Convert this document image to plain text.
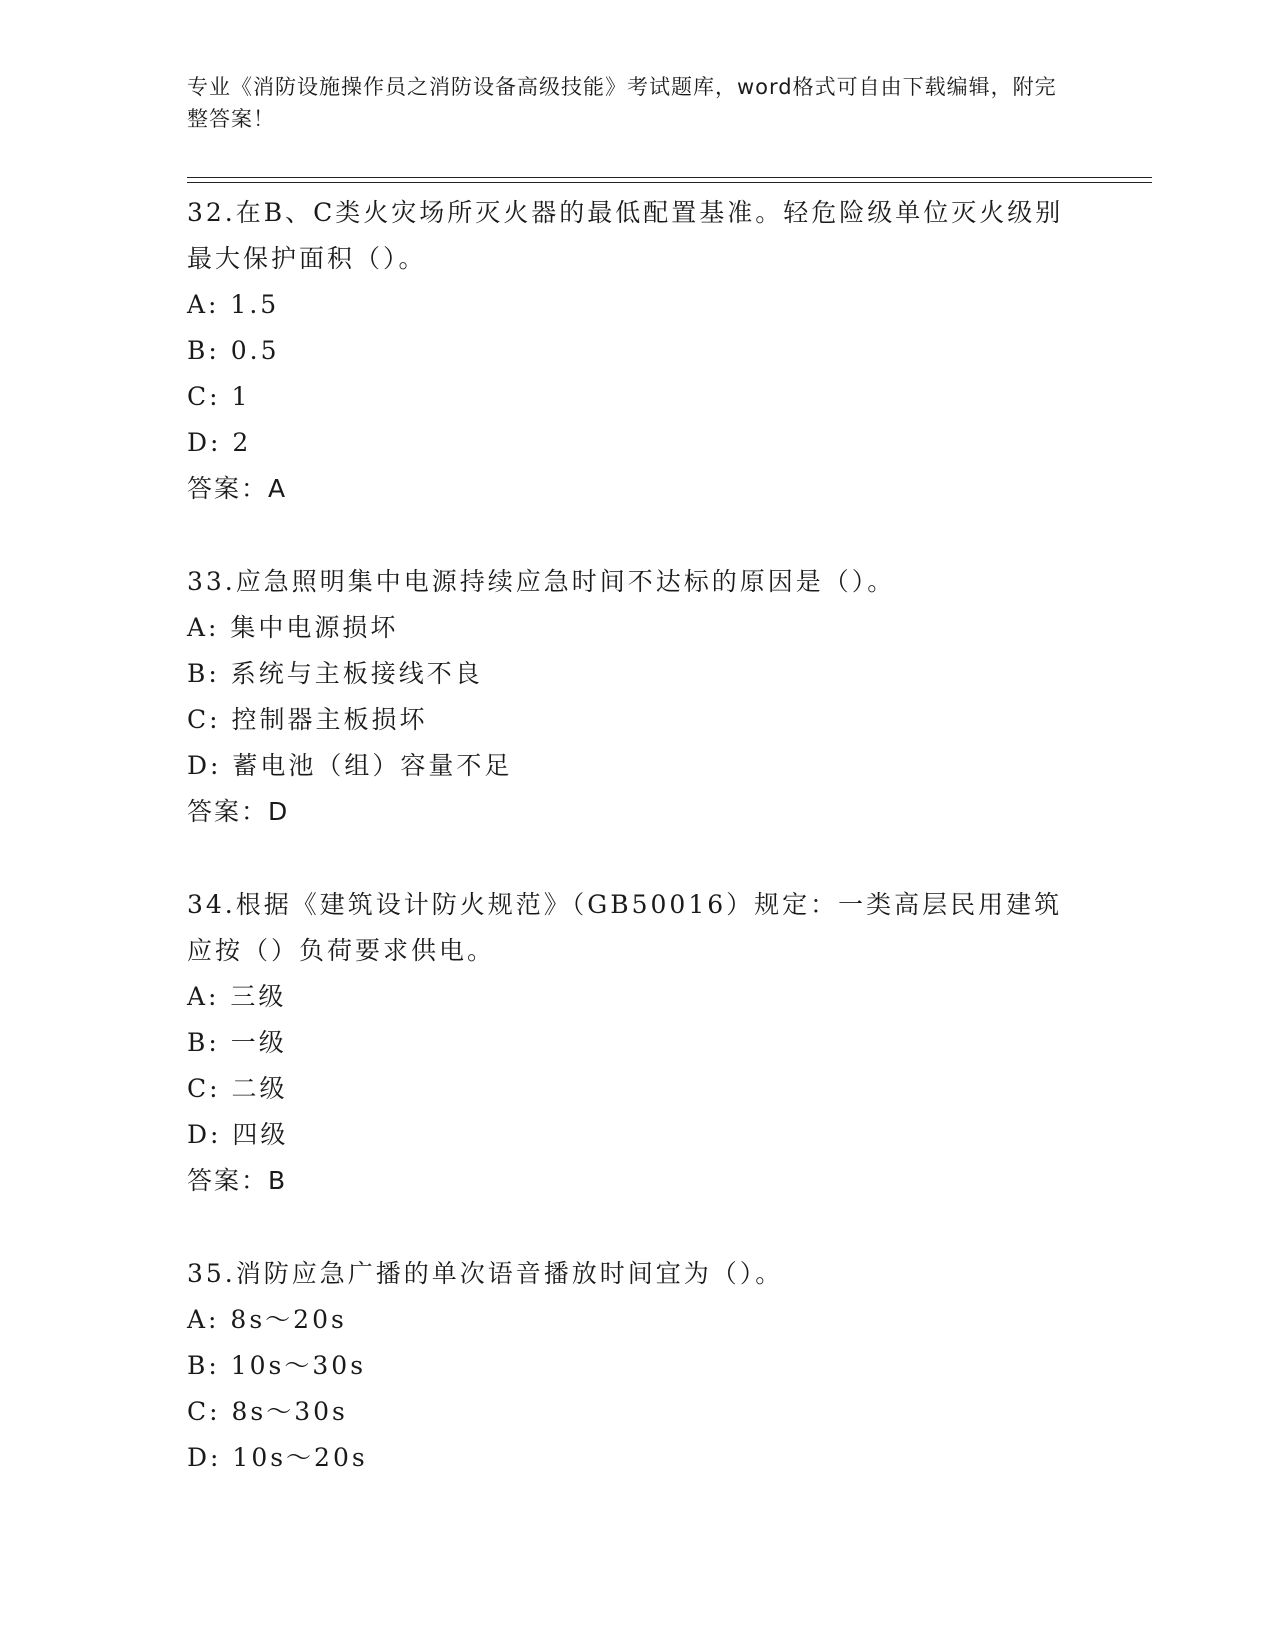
专业《消防设施操作员之消防设备高级技能》考试题库，word格式可自由下载编辑，附完整答案！
32.在B、C类火灾场所灭火器的最低配置基准。轻危险级单位灭火级别最大保护面积（）。
A: 1.5
B: 0.5
C: 1
D: 2
答案：A
33.应急照明集中电源持续应急时间不达标的原因是（）。
A: 集中电源损坏
B: 系统与主板接线不良
C: 控制器主板损坏
D: 蓄电池（组）容量不足
答案：D
34.根据《建筑设计防火规范》（GB50016）规定：一类高层民用建筑应按（）负荷要求供电。
A: 三级
B: 一级
C: 二级
D: 四级
答案：B
35.消防应急广播的单次语音播放时间宜为（）。
A: 8s～20s
B: 10s～30s
C: 8s～30s
D: 10s～20s
